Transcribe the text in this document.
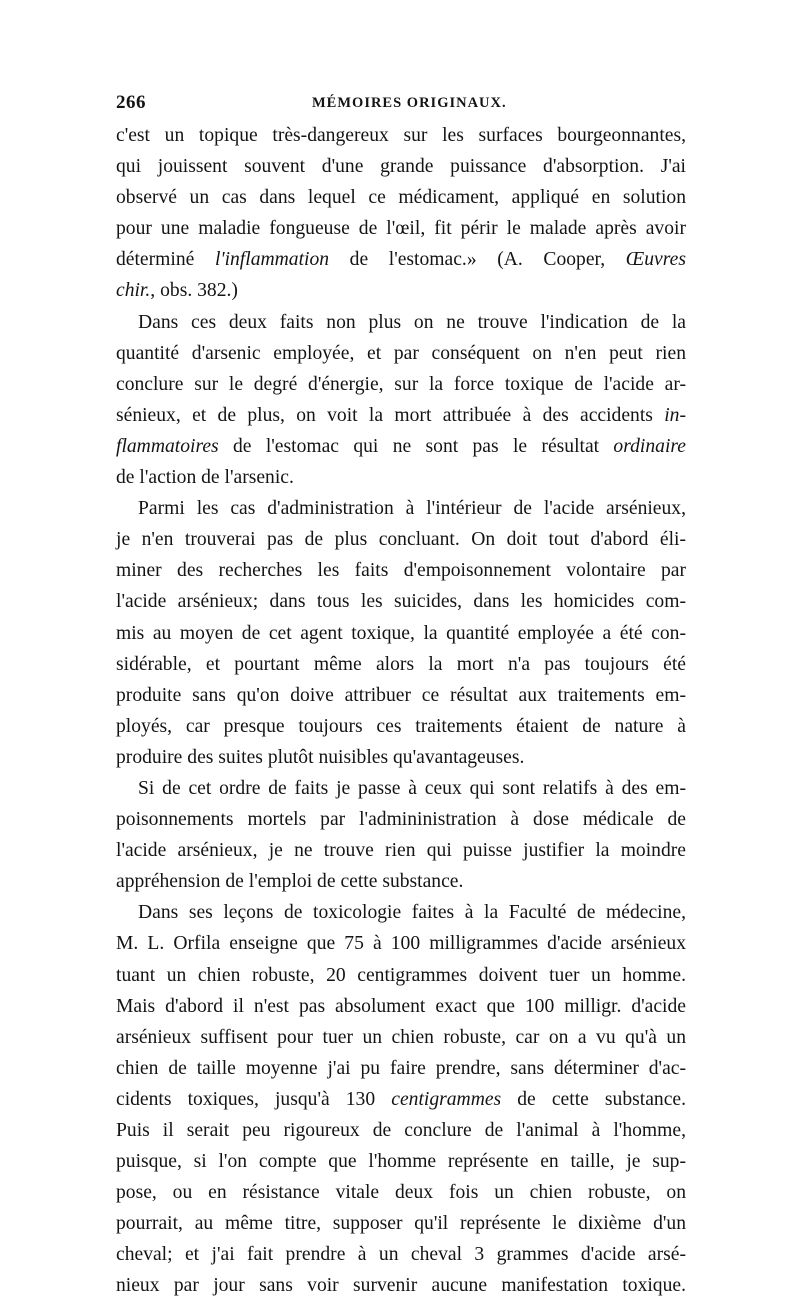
266	MÉMOIRES ORIGINAUX.
c'est un topique très-dangereux sur les surfaces bourgeonnantes,
qui jouissent souvent d'une grande puissance d'absorption. J'ai
observé un cas dans lequel ce médicament, appliqué en solution
pour une maladie fongueuse de l'œil, fit périr le malade après avoir
déterminé l'inflammation de l'estomac.» (A. Cooper, Œuvres
chir., obs. 382.)
Dans ces deux faits non plus on ne trouve l'indication de la
quantité d'arsenic employée, et par conséquent on n'en peut rien
conclure sur le degré d'énergie, sur la force toxique de l'acide ar-
sénieux, et de plus, on voit la mort attribuée à des accidents in-
flammatoires de l'estomac qui ne sont pas le résultat ordinaire
de l'action de l'arsenic.
Parmi les cas d'administration à l'intérieur de l'acide arsénieux,
je n'en trouverai pas de plus concluant. On doit tout d'abord éli-
miner des recherches les faits d'empoisonnement volontaire par
l'acide arsénieux; dans tous les suicides, dans les homicides com-
mis au moyen de cet agent toxique, la quantité employée a été con-
sidérable, et pourtant même alors la mort n'a pas toujours été
produite sans qu'on doive attribuer ce résultat aux traitements em-
ployés, car presque toujours ces traitements étaient de nature à
produire des suites plutôt nuisibles qu'avantageuses.
Si de cet ordre de faits je passe à ceux qui sont relatifs à des em-
poisonnements mortels par l'admininistration à dose médicale de
l'acide arsénieux, je ne trouve rien qui puisse justifier la moindre
appréhension de l'emploi de cette substance.
Dans ses leçons de toxicologie faites à la Faculté de médecine,
M. L. Orfila enseigne que 75 à 100 milligrammes d'acide arsénieux
tuant un chien robuste, 20 centigrammes doivent tuer un homme.
Mais d'abord il n'est pas absolument exact que 100 milligr. d'acide
arsénieux suffisent pour tuer un chien robuste, car on a vu qu'à un
chien de taille moyenne j'ai pu faire prendre, sans déterminer d'ac-
cidents toxiques, jusqu'à 130 centigrammes de cette substance.
Puis il serait peu rigoureux de conclure de l'animal à l'homme,
puisque, si l'on compte que l'homme représente en taille, je sup-
pose, ou en résistance vitale deux fois un chien robuste, on
pourrait, au même titre, supposer qu'il représente le dixième d'un
cheval; et j'ai fait prendre à un cheval 3 grammes d'acide arsé-
nieux par jour sans voir survenir aucune manifestation toxique.
